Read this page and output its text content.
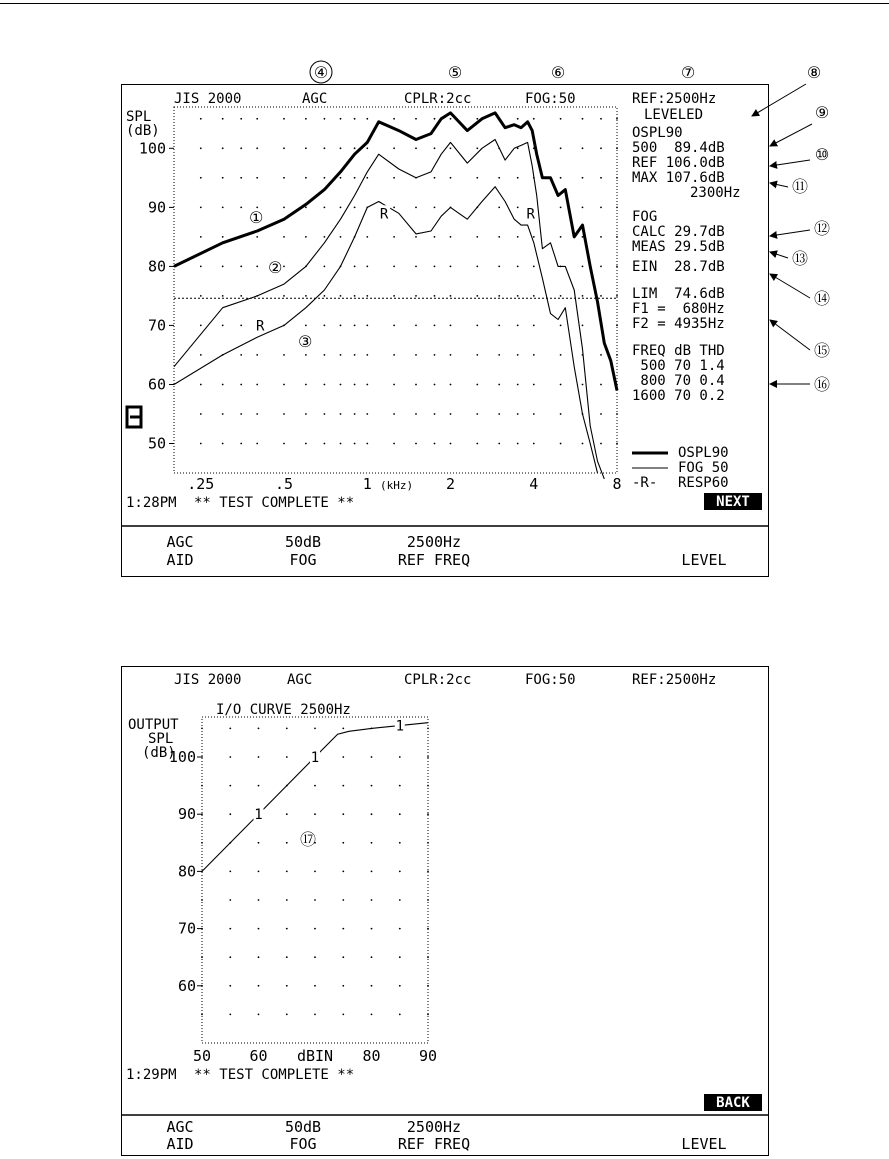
JIS 2000	AGC	CPLR:2cc	FOG:50	REF:2500Hz
LEVELED
SPL
(dB)
50
60
70
80
90
100
.25	.5	1	2	4	8
(kHz)
R
R	R
①
②
③
OSPL90
500  89.4dB
REF 106.0dB
MAX 107.6dB
2300Hz
FOG
CALC 29.7dB
MEAS 29.5dB
EIN  28.7dB
LIM  74.6dB
F1 =  680Hz
F2 = 4935Hz
FREQ dB THD
500 70 1.4
800 70 0.4
1600 70 0.2
OSPL90
FOG 50
-R- RESP60
1:28PM ** TEST COMPLETE **	NEXT
AGC
AID
50dB
FOG
2500Hz
REF FREQ	LEVEL
④	⑤	⑥	⑦	⑧
⑨
⑩
⑪
⑫
⑬
⑭
⑮
⑯
JIS 2000	AGC	CPLR:2cc	FOG:50	REF:2500Hz
I/O CURVE 2500Hz
OUTPUT
SPL
(dB)
60
70
80
90
100
50	60 dBIN 80	90
1
1
1
⑰
1:29PM ** TEST COMPLETE **
BACK
AGC
AID
50dB
FOG
2500Hz
REF FREQ	LEVEL
